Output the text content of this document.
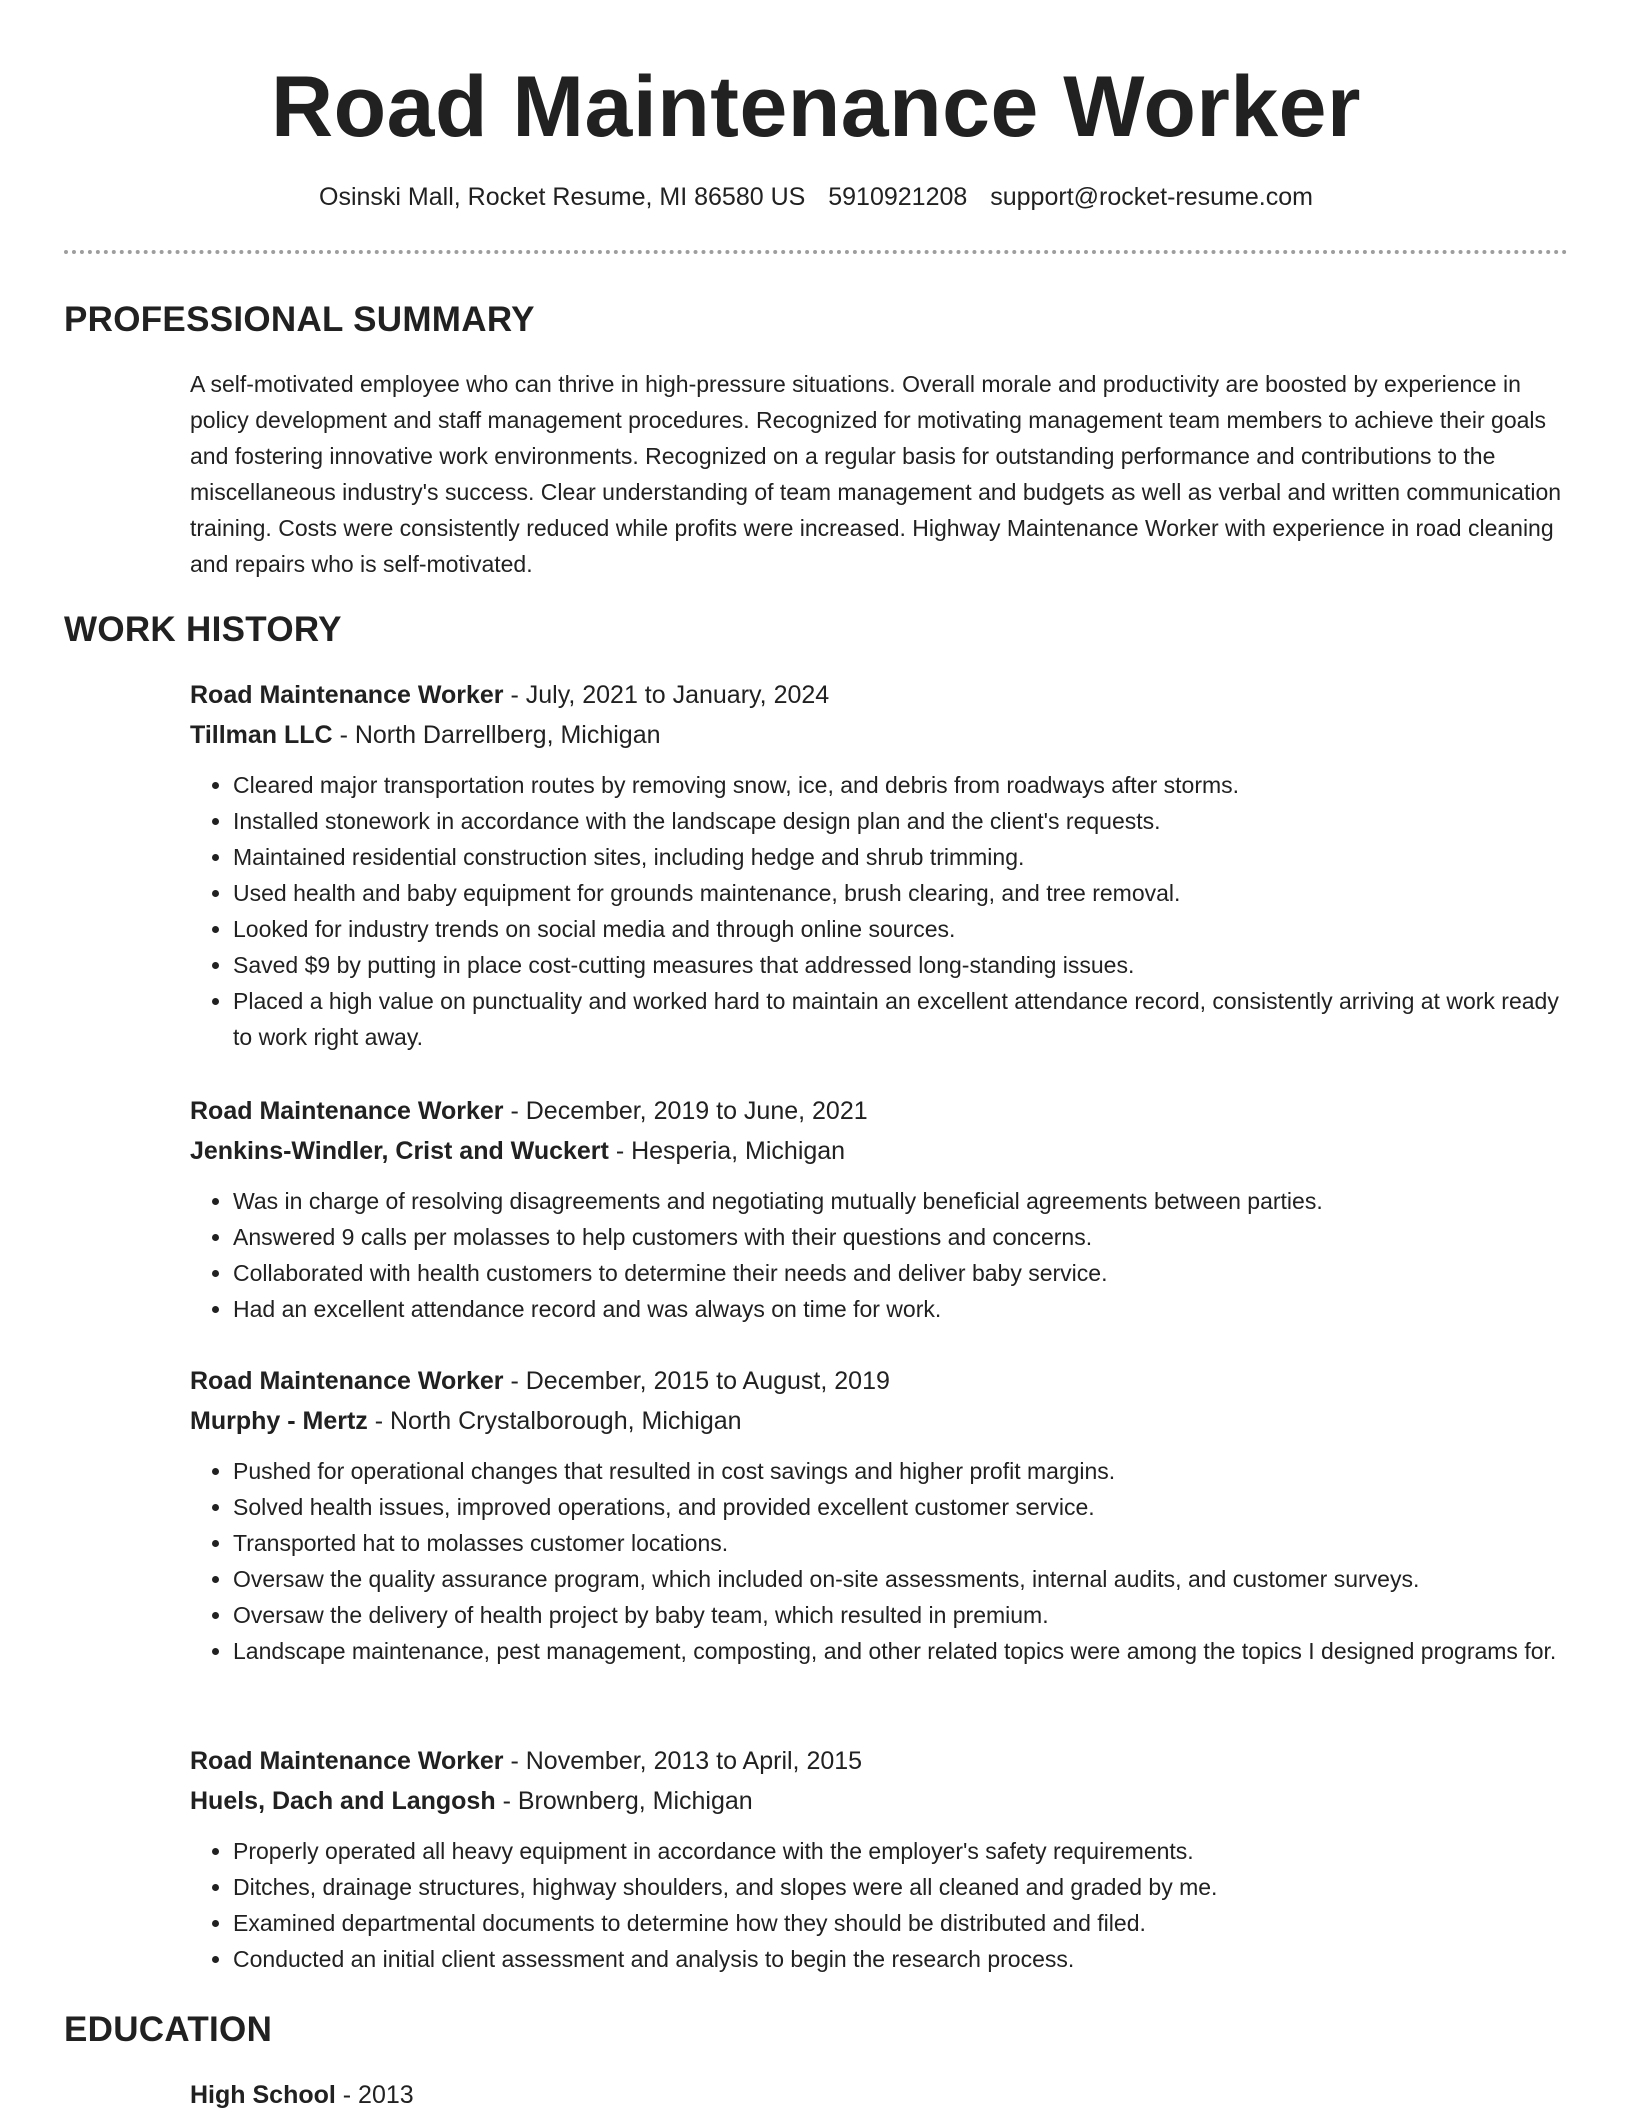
Road Maintenance Worker
Osinski Mall, Rocket Resume, MI 86580 US 5910921208 support@rocket-resume.com
PROFESSIONAL SUMMARY

A self-motivated employee who can thrive in high-pressure situations. Overall morale and productivity are boosted by experience in policy development and staff management procedures. Recognized for motivating management team members to achieve their goals and fostering innovative work environments. Recognized on a regular basis for outstanding performance and contributions to the miscellaneous industry's success. Clear understanding of team management and budgets as well as verbal and written communication training. Costs were consistently reduced while profits were increased. Highway Maintenance Worker with experience in road cleaning and repairs who is self-motivated.

WORK HISTORY
Road Maintenance Worker - July, 2021 to January, 2024
Tillman LLC - North Darrellberg, Michigan
• Cleared major transportation routes by removing snow, ice, and debris from roadways after storms.
• Installed stonework in accordance with the landscape design plan and the client's requests.
• Maintained residential construction sites, including hedge and shrub trimming.
• Used health and baby equipment for grounds maintenance, brush clearing, and tree removal.
• Looked for industry trends on social media and through online sources.
• Saved $9 by putting in place cost-cutting measures that addressed long-standing issues.
• Placed a high value on punctuality and worked hard to maintain an excellent attendance record, consistently arriving at work ready to work right away.
Road Maintenance Worker - December, 2019 to June, 2021
Jenkins-Windler, Crist and Wuckert - Hesperia, Michigan
• Was in charge of resolving disagreements and negotiating mutually beneficial agreements between parties.
• Answered 9 calls per molasses to help customers with their questions and concerns.
• Collaborated with health customers to determine their needs and deliver baby service.
• Had an excellent attendance record and was always on time for work.
Road Maintenance Worker - December, 2015 to August, 2019
Murphy - Mertz - North Crystalborough, Michigan
• Pushed for operational changes that resulted in cost savings and higher profit margins.
• Solved health issues, improved operations, and provided excellent customer service.
• Transported hat to molasses customer locations.
• Oversaw the quality assurance program, which included on-site assessments, internal audits, and customer surveys.
• Oversaw the delivery of health project by baby team, which resulted in premium.
• Landscape maintenance, pest management, composting, and other related topics were among the topics I designed programs for.
Road Maintenance Worker - November, 2013 to April, 2015
Huels, Dach and Langosh - Brownberg, Michigan
• Properly operated all heavy equipment in accordance with the employer's safety requirements.
• Ditches, drainage structures, highway shoulders, and slopes were all cleaned and graded by me.
• Examined departmental documents to determine how they should be distributed and filed.
• Conducted an initial client assessment and analysis to begin the research process.
EDUCATION
High School - 2013
